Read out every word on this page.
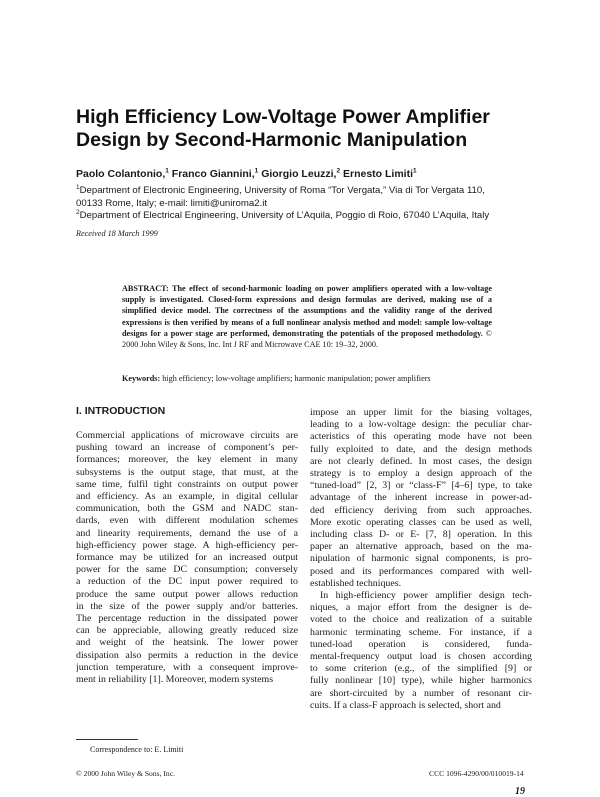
High Efficiency Low-Voltage Power Amplifier
Design by Second-Harmonic Manipulation
Paolo Colantonio,$^1$ Franco Giannini,$^1$ Giorgio Leuzzi,$^2$ Ernesto Limiti$^1$
$^1$Department of Electronic Engineering, University of Roma “Tor Vergata,” Via di Tor Vergata 110,
00133 Rome, Italy; e-mail: limiti@uniroma2.it
$^2$Department of Electrical Engineering, University of L’Aquila, Poggio di Roio, 67040 L’Aquila, Italy
Received 18 March 1999
ABSTRACT: The effect of second-harmonic loading on power amplifiers operated with a low-voltage supply is investigated. Closed-form expressions and design formulas are derived, making use of a simplified device model. The correctness of the assumptions and the validity range of the derived expressions is then verified by means of a full nonlinear analysis method and model: sample low-voltage designs for a power stage are performed, demonstrating the potentials of the proposed methodology. © 2000 John Wiley & Sons, Inc. Int J RF and Microwave CAE 10: 19–32, 2000.
Keywords: high efficiency; low-voltage amplifiers; harmonic manipulation; power amplifiers
I. INTRODUCTION
Commercial applications of microwave circuits are
pushing toward an increase of component’s per-
formances; moreover, the key element in many
subsystems is the output stage, that must, at the
same time, fulfil tight constraints on output power
and efficiency. As an example, in digital cellular
communication, both the GSM and NADC stan-
dards, even with different modulation schemes
and linearity requirements, demand the use of a
high-efficiency power stage. A high-efficiency per-
formance may be utilized for an increased output
power for the same DC consumption; conversely
a reduction of the DC input power required to
produce the same output power allows reduction
in the size of the power supply and/or batteries.
The percentage reduction in the dissipated power
can be appreciable, allowing greatly reduced size
and weight of the heatsink. The lower power
dissipation also permits a reduction in the device
junction temperature, with a consequent improve-
ment in reliability [1]. Moreover, modern systems
impose an upper limit for the biasing voltages,
leading to a low-voltage design: the peculiar char-
acteristics of this operating mode have not been
fully exploited to date, and the design methods
are not clearly defined. In most cases, the design
strategy is to employ a design approach of the
“tuned-load” [2, 3] or “class-F” [4–6] type, to take
advantage of the inherent increase in power-ad-
ded efficiency deriving from such approaches.
More exotic operating classes can be used as well,
including class D- or E- [7, 8] operation. In this
paper an alternative approach, based on the ma-
nipulation of harmonic signal components, is pro-
posed and its performances compared with well-
established techniques.
In high-efficiency power amplifier design tech-
niques, a major effort from the designer is de-
voted to the choice and realization of a suitable
harmonic terminating scheme. For instance, if a
tuned-load operation is considered, funda-
mental-frequency output load is chosen according
to some criterion (e.g., of the simplified [9] or
fully nonlinear [10] type), while higher harmonics
are short-circuited by a number of resonant cir-
cuits. If a class-F approach is selected, short and
Correspondence to: E. Limiti
© 2000 John Wiley & Sons, Inc.	CCC 1096-4290/00/010019-14
19
